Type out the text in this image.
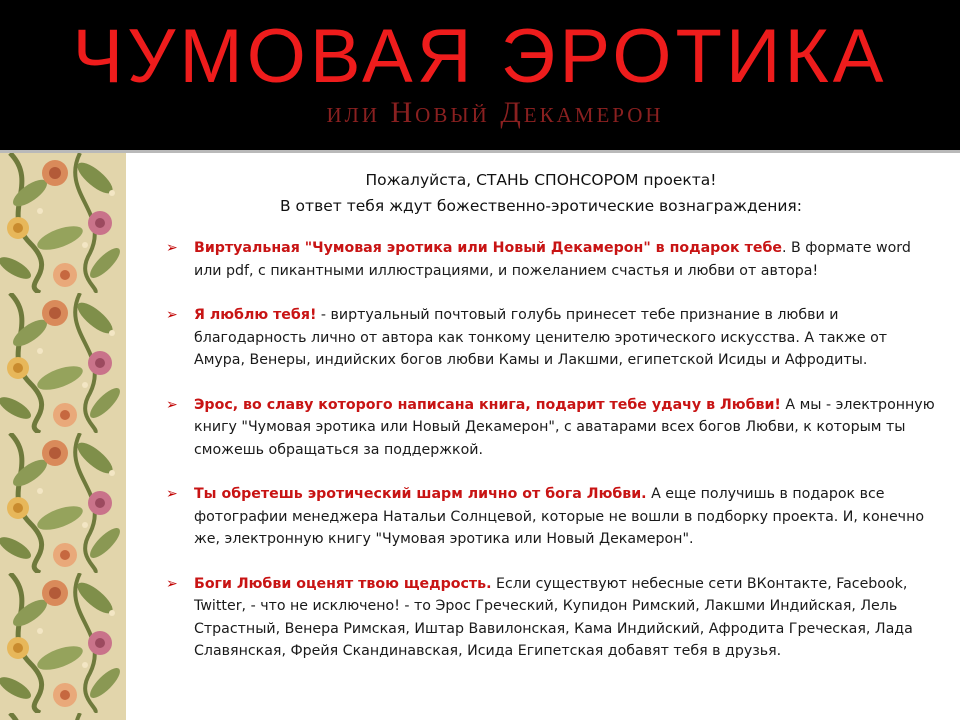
ЧУМОВАЯ ЭРОТИКА
или Новый Декамерон
Пожалуйста, СТАНЬ СПОНСОРОМ проекта!
В ответ тебя ждут божественно-эротические вознаграждения:
➢ Виртуальная "Чумовая эротика или Новый Декамерон" в подарок тебе. В формате word или pdf, с пикантными иллюстрациями, и пожеланием счастья и любви от автора!
➢ Я люблю тебя! - виртуальный почтовый голубь принесет тебе признание в любви и благодарность лично от автора как тонкому ценителю эротического искусства. А также от Амура, Венеры, индийских богов любви Камы и Лакшми, египетской Исиды и Афродиты.
➢ Эрос, во славу которого написана книга, подарит тебе удачу в Любви! А мы - электронную книгу "Чумовая эротика или Новый Декамерон", с аватарами всех богов Любви, к которым ты сможешь обращаться за поддержкой.
➢ Ты обретешь эротический шарм лично от бога Любви. А еще получишь в подарок все фотографии менеджера Натальи Солнцевой, которые не вошли в подборку проекта. И, конечно же, электронную книгу "Чумовая эротика или Новый Декамерон".
➢ Боги Любви оценят твою щедрость. Если существуют небесные сети ВКонтакте, Facebook, Twitter, - что не исключено! - то Эрос Греческий, Купидон Римский, Лакшми Индийская, Лель Страстный, Венера Римская, Иштар Вавилонская, Кама Индийский, Афродита Греческая, Лада Славянская, Фрейя Скандинавская, Исида Египетская добавят тебя в друзья.
